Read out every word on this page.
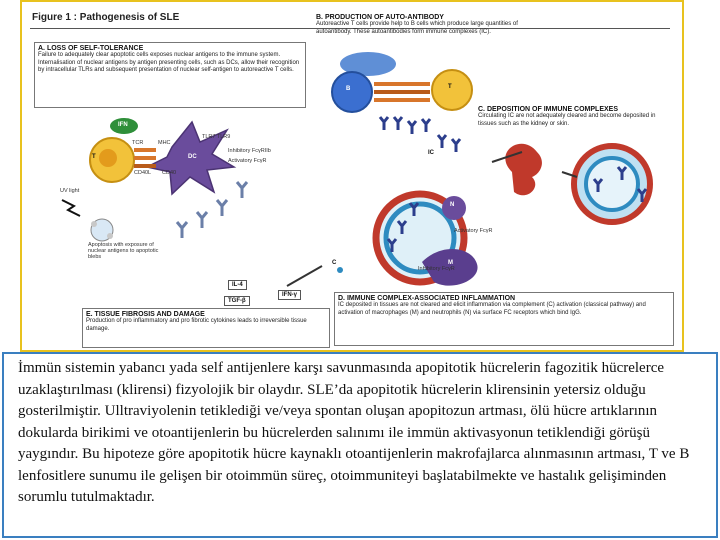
Figure 1 : Pathogenesis of SLE
A. LOSS OF SELF-TOLERANCE
Failure to adequately clear apoptotic cells exposes nuclear antigens to the immune system. Internalisation of nuclear antigens by antigen presenting cells, such as DCs, allow their recognition by intracellular TLRs and subsequent presentation of nuclear self-antigen to autoreactive T cells.
B. PRODUCTION OF AUTO-ANTIBODY
Autoreactive T cells provide help to B cells which produce large quantities of autoantibody. These autoantibodies form immune complexes (IC).
C. DEPOSITION OF IMMUNE COMPLEXES
Circulating IC are not adequately cleared and become deposited in tissues such as the kidney or skin.
D. IMMUNE COMPLEX-ASSOCIATED INFLAMMATION
IC deposited in tissues are not cleared and elicit inflammation via complement (C) activation (classical pathway) and activation of macrophages (M) and neutrophils (N) via surface FC receptors which bind IgG.
E. TISSUE FIBROSIS AND DAMAGE
Production of pro inflammatory and pro fibrotic cytokines leads to irreversible tissue damage.
IFN
T	DC
MHC
TCR
CD40L CD40
TLR7 TLR9
Inhibitory FcγRIIb
Activatory FcγR
UV light
Apoptosis with exposure of nuclear antigens to apoptotic blebs
B	T
IC
N
M
C
Activatory FcγR
Inhibitory FcγR
IL-4
TGF-β
IFN-γ

İmmün sistemin yabancı yada self antijenlere karşı savunmasında apopitotik hücrelerin fagozitik hücrelerce uzaklaştırılması (klirensi) fizyolojik bir olaydır. SLE’da apopitotik hücrelerin klirensinin yetersiz olduğu gosterilmiştir. Ulltraviyolenin tetiklediği ve/veya spontan oluşan apopitozun artması, ölü hücre artıklarının dokularda birikimi ve otoantijenlerin bu hücrelerden salınımı ile immün aktivasyonun tetiklendiği görüşü yaygındır. Bu hipoteze göre apopitotik hücre kaynaklı otoantijenlerin makrofajlarca alınmasının artması, T ve B lenfositlere sunumu ile gelişen bir otoimmün süreç, otoimmuniteyi başlatabilmekte ve hastalık gelişiminden sorumlu tutulmaktadır.
